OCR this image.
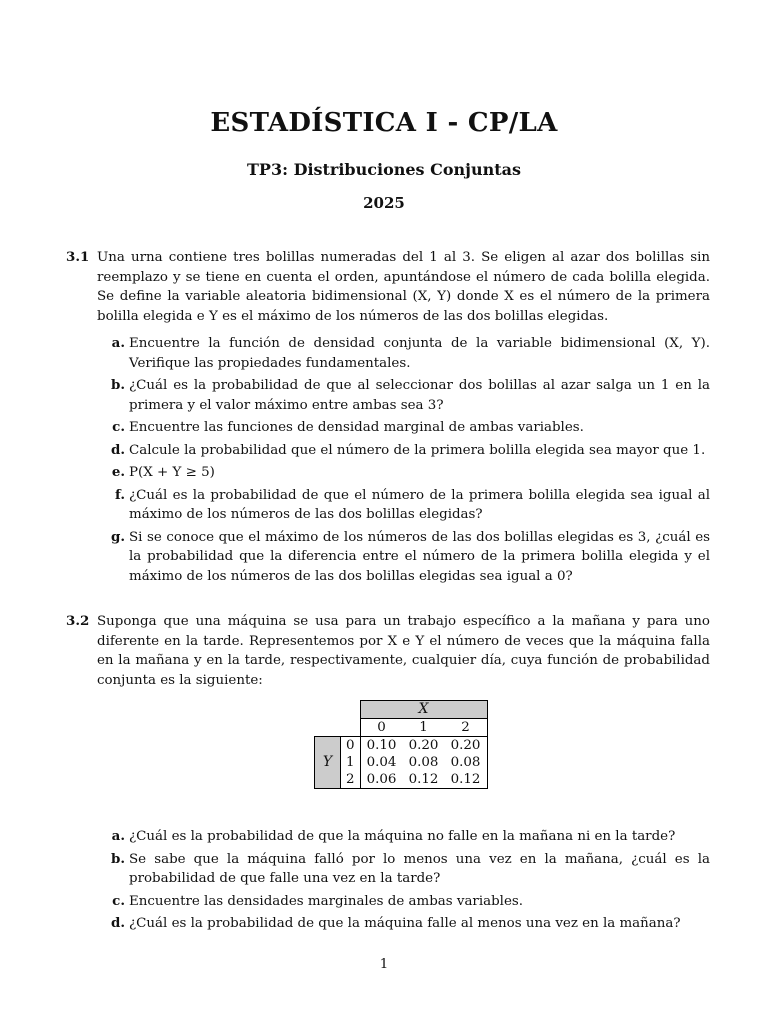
ESTADÍSTICA I - CP/LA
TP3: Distribuciones Conjuntas
2025
3.1 Una urna contiene tres bolillas numeradas del 1 al 3. Se eligen al azar dos bolillas sin reemplazo y se tiene en cuenta el orden, apuntándose el número de cada bolilla elegida. Se define la variable aleatoria bidimensional (X, Y) donde X es el número de la primera bolilla elegida e Y es el máximo de los números de las dos bolillas elegidas.
a. Encuentre la función de densidad conjunta de la variable bidimensional (X, Y). Verifique las propiedades fundamentales.
b. ¿Cuál es la probabilidad de que al seleccionar dos bolillas al azar salga un 1 en la primera y el valor máximo entre ambas sea 3?
c. Encuentre las funciones de densidad marginal de ambas variables.
d. Calcule la probabilidad que el número de la primera bolilla elegida sea mayor que 1.
e. P(X + Y ≥ 5)
f. ¿Cuál es la probabilidad de que el número de la primera bolilla elegida sea igual al máximo de los números de las dos bolillas elegidas?
g. Si se conoce que el máximo de los números de las dos bolillas elegidas es 3, ¿cuál es la probabilidad que la diferencia entre el número de la primera bolilla elegida y el máximo de los números de las dos bolillas elegidas sea igual a 0?
3.2 Suponga que una máquina se usa para un trabajo específico a la mañana y para uno diferente en la tarde. Representemos por X e Y el número de veces que la máquina falla en la mañana y en la tarde, respectivamente, cualquier día, cuya función de probabilidad conjunta es la siguiente:
		X		
		0	1	2
Y	0	0.10	0.20	0.20
	1	0.04	0.08	0.08
	2	0.06	0.12	0.12
a. ¿Cuál es la probabilidad de que la máquina no falle en la mañana ni en la tarde?
b. Se sabe que la máquina falló por lo menos una vez en la mañana, ¿cuál es la probabilidad de que falle una vez en la tarde?
c. Encuentre las densidades marginales de ambas variables.
d. ¿Cuál es la probabilidad de que la máquina falle al menos una vez en la mañana?
1
